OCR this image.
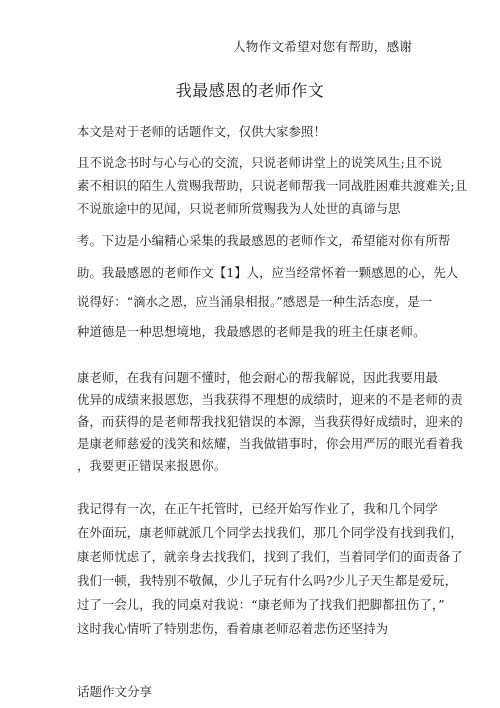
人物作文希望对您有帮助，感谢
我最感恩的老师作文
本文是对于老师的话题作文，仅供大家参照！
且不说念书时与心与心的交流，只说老师讲堂上的说笑风生;且不说
素不相识的陌生人赏赐我帮助，只说老师帮我一同战胜困难共渡难关;且
不说旅途中的见闻，只说老师所赏赐我为人处世的真谛与思
考。下边是小编精心采集的我最感恩的老师作文，希望能对你有所帮
助。我最感恩的老师作文【1】人，应当经常怀着一颗感恩的心，先人
说得好：“滴水之恩，应当涌泉相报。”感恩是一种生活态度，是一
种道德是一种思想境地，我最感恩的老师是我的班主任康老师。
康老师，在我有问题不懂时，他会耐心的帮我解说，因此我要用最
优异的成绩来报恩您，当我获得不理想的成绩时，迎来的不是老师的责
备，而获得的是老师帮我找犯错误的本源，当我获得好成绩时，迎来的
是康老师慈爱的浅笑和炫耀，当我做错事时，你会用严厉的眼光看着我
，我要更正错误来报恩你。
我记得有一次，在正午托管时，已经开始写作业了，我和几个同学
在外面玩，康老师就派几个同学去找我们，那几个同学没有找到我们，
康老师忧虑了，就亲身去找我们，找到了我们，当着同学们的面责备了
我们一顿，我特别不敬佩，少儿子玩有什么吗?少儿子天生都是爱玩，
过了一会儿，我的同桌对我说：“康老师为了找我们把脚都扭伤了，”
这时我心情听了特别悲伤，看着康老师忍着悲伤还坚持为
话题作文分享
